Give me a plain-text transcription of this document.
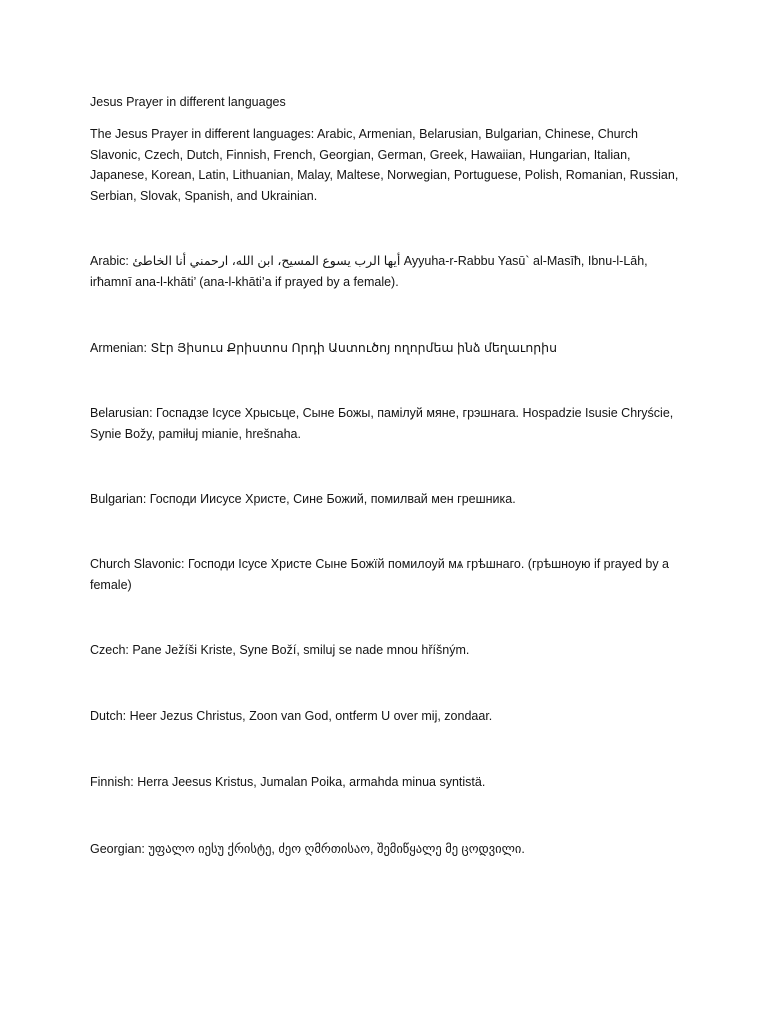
Jesus Prayer in different languages
The Jesus Prayer in different languages: Arabic, Armenian, Belarusian, Bulgarian, Chinese, Church Slavonic, Czech, Dutch, Finnish, French, Georgian, German, Greek, Hawaiian, Hungarian, Italian, Japanese, Korean, Latin, Lithuanian, Malay, Maltese, Norwegian, Portuguese, Polish, Romanian, Russian, Serbian, Slovak, Spanish, and Ukrainian.
Arabic: أيها الرب يسوع المسيح، ابن الله، ارحمني أنا الخاطئ Ayyuha-r-Rabbu Yasū` al-Masīħ, Ibnu-l-Lāh, irħamnī ana-l-khāti’ (ana-l-khāti’a if prayed by a female).
Armenian: Տէր Յիսուս Քրիստոս Որդի Աստուծոյ ողորմեա ինձ մեղաւորիս
Belarusian: Госпадзе Ісусе Хрысьце, Сыне Божы, памілуй мяне, грэшнага. Hospadzie Isusie Chryście, Synie Božy, pamiłuj mianie, hrešnaha.
Bulgarian: Господи Иисусе Христе, Сине Божий, помилвай мен грешника.
Church Slavonic: Господи Ісусе Христе Сыне Божїй помилоуй мѧ грѣшнаго. (грѣшноую if prayed by a female)
Czech: Pane Ježíši Kriste, Syne Boží, smiluj se nade mnou hříšným.
Dutch: Heer Jezus Christus, Zoon van God, ontferm U over mij, zondaar.
Finnish: Herra Jeesus Kristus, Jumalan Poika, armahda minua syntistä.
Georgian: უფალო იესუ ქრისტე, ძეო ღმრთისაო, შემიწყალე მე ცოდვილი.
